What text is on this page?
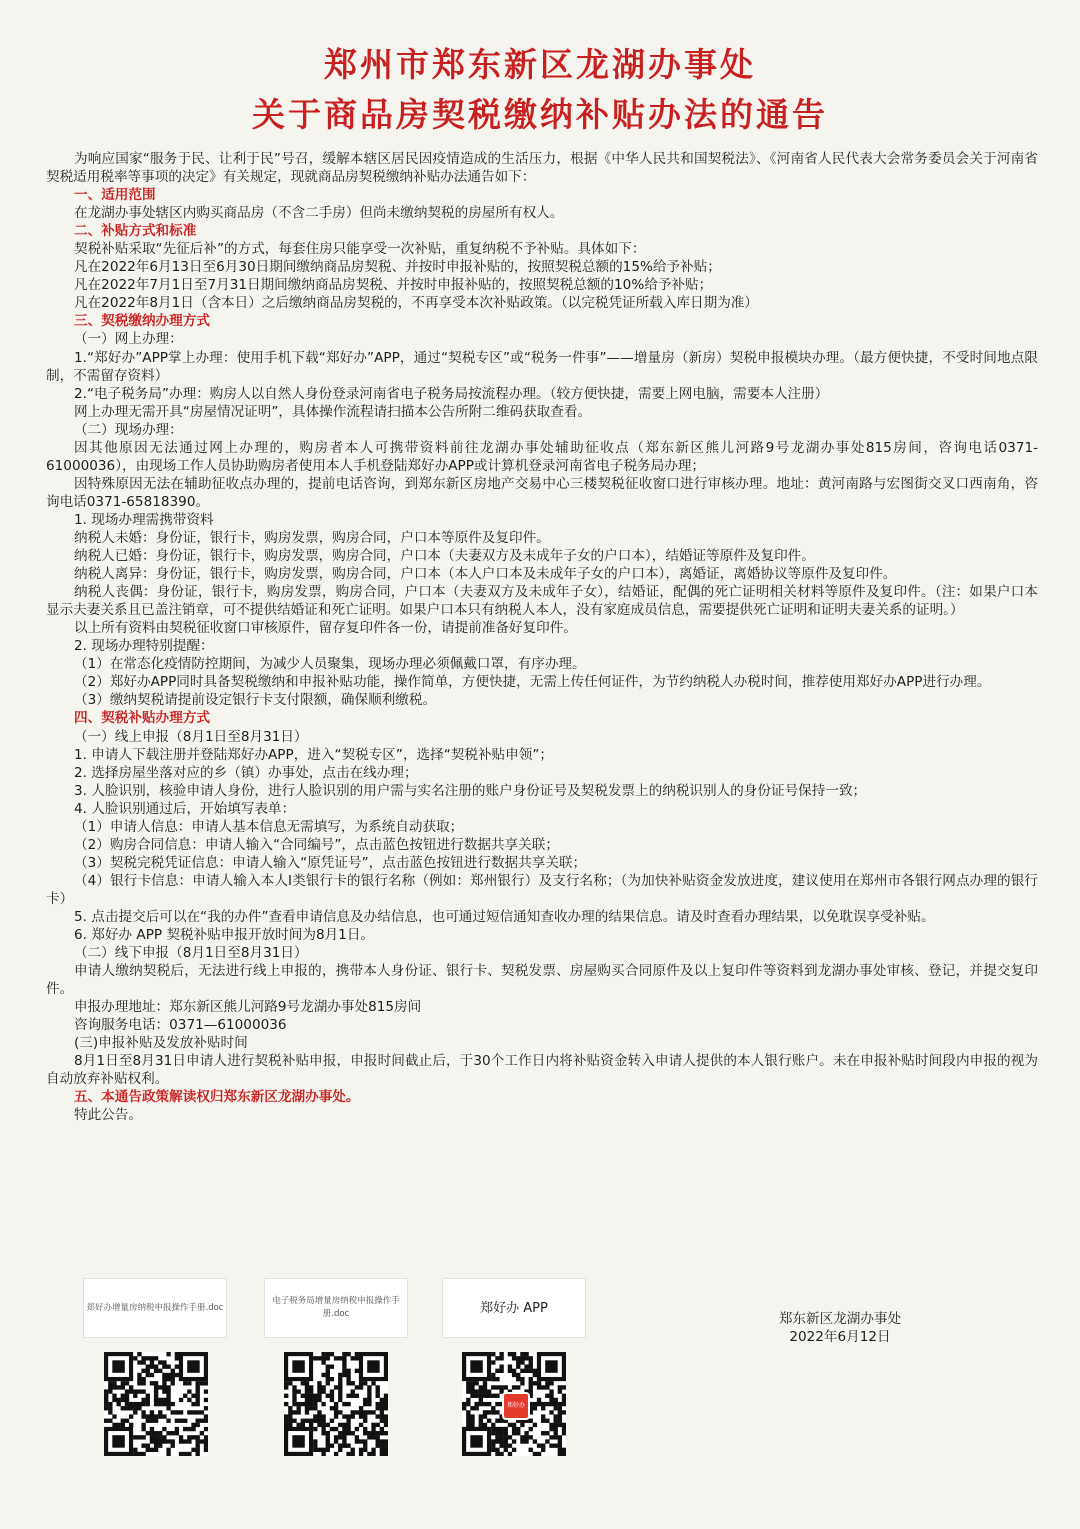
郑州市郑东新区龙湖办事处
关于商品房契税缴纳补贴办法的通告

为响应国家“服务于民、让利于民”号召，缓解本辖区居民因疫情造成的生活压力，根据《中华人民共和国契税法》、《河南省人民代表大会常务委员会关于河南省契税适用税率等事项的决定》有关规定，现就商品房契税缴纳补贴办法通告如下：

一、适用范围

在龙湖办事处辖区内购买商品房（不含二手房）但尚未缴纳契税的房屋所有权人。

二、补贴方式和标准

契税补贴采取“先征后补”的方式，每套住房只能享受一次补贴，重复纳税不予补贴。具体如下：

凡在2022年6月13日至6月30日期间缴纳商品房契税、并按时申报补贴的，按照契税总额的15%给予补贴；

凡在2022年7月1日至7月31日期间缴纳商品房契税、并按时申报补贴的，按照契税总额的10%给予补贴；

凡在2022年8月1日（含本日）之后缴纳商品房契税的，不再享受本次补贴政策。（以完税凭证所载入库日期为准）

三、契税缴纳办理方式

（一）网上办理：

1.“郑好办”APP掌上办理：使用手机下载“郑好办”APP，通过“契税专区”或“税务一件事”——增量房（新房）契税申报模块办理。（最方便快捷，不受时间地点限制，不需留存资料）

2.“电子税务局”办理：购房人以自然人身份登录河南省电子税务局按流程办理。（较方便快捷，需要上网电脑，需要本人注册）

网上办理无需开具“房屋情况证明”，具体操作流程请扫描本公告所附二维码获取查看。

（二）现场办理：

因其他原因无法通过网上办理的，购房者本人可携带资料前往龙湖办事处辅助征收点（郑东新区熊儿河路9号龙湖办事处815房间，咨询电话0371-61000036），由现场工作人员协助购房者使用本人手机登陆郑好办APP或计算机登录河南省电子税务局办理；

因特殊原因无法在辅助征收点办理的，提前电话咨询，到郑东新区房地产交易中心三楼契税征收窗口进行审核办理。地址：黄河南路与宏图街交叉口西南角，咨询电话0371-65818390。

1. 现场办理需携带资料

纳税人未婚：身份证，银行卡，购房发票，购房合同，户口本等原件及复印件。

纳税人已婚：身份证，银行卡，购房发票，购房合同，户口本（夫妻双方及未成年子女的户口本），结婚证等原件及复印件。

纳税人离异：身份证，银行卡，购房发票，购房合同，户口本（本人户口本及未成年子女的户口本），离婚证，离婚协议等原件及复印件。

纳税人丧偶：身份证，银行卡，购房发票，购房合同，户口本（夫妻双方及未成年子女），结婚证，配偶的死亡证明相关材料等原件及复印件。（注：如果户口本显示夫妻关系且已盖注销章，可不提供结婚证和死亡证明。如果户口本只有纳税人本人，没有家庭成员信息，需要提供死亡证明和证明夫妻关系的证明。）

以上所有资料由契税征收窗口审核原件，留存复印件各一份，请提前准备好复印件。

2. 现场办理特别提醒：

（1）在常态化疫情防控期间，为减少人员聚集，现场办理必须佩戴口罩，有序办理。

（2）郑好办APP同时具备契税缴纳和申报补贴功能，操作简单，方便快捷，无需上传任何证件，为节约纳税人办税时间，推荐使用郑好办APP进行办理。

（3）缴纳契税请提前设定银行卡支付限额，确保顺利缴税。

四、契税补贴办理方式

（一）线上申报（8月1日至8月31日）

1. 申请人下载注册并登陆郑好办APP，进入“契税专区”，选择“契税补贴申领”；

2. 选择房屋坐落对应的乡（镇）办事处，点击在线办理；

3. 人脸识别，核验申请人身份，进行人脸识别的用户需与实名注册的账户身份证号及契税发票上的纳税识别人的身份证号保持一致；

4. 人脸识别通过后，开始填写表单：

（1）申请人信息：申请人基本信息无需填写，为系统自动获取；

（2）购房合同信息：申请人输入“合同编号”，点击蓝色按钮进行数据共享关联；

（3）契税完税凭证信息：申请人输入“原凭证号”，点击蓝色按钮进行数据共享关联；

（4）银行卡信息：申请人输入本人I类银行卡的银行名称（例如：郑州银行）及支行名称；（为加快补贴资金发放进度，建议使用在郑州市各银行网点办理的银行卡）

5. 点击提交后可以在“我的办件”查看申请信息及办结信息，也可通过短信通知查收办理的结果信息。请及时查看办理结果，以免耽误享受补贴。

6. 郑好办 APP 契税补贴申报开放时间为8月1日。

（二）线下申报（8月1日至8月31日）

申请人缴纳契税后，无法进行线上申报的，携带本人身份证、银行卡、契税发票、房屋购买合同原件及以上复印件等资料到龙湖办事处审核、登记，并提交复印件。

申报办理地址：郑东新区熊儿河路9号龙湖办事处815房间

咨询服务电话：0371—61000036

(三)申报补贴及发放补贴时间

8月1日至8月31日申请人进行契税补贴申报，申报时间截止后，于30个工作日内将补贴资金转入申请人提供的本人银行账户。未在申报补贴时间段内申报的视为自动放弃补贴权利。

五、本通告政策解读权归郑东新区龙湖办事处。

特此公告。

郑好办增量房纳税申报操作手册.doc
电子税务局增量房纳税申报操作手册.doc	郑好办 APP
郑好办
郑东新区龙湖办事处
2022年6月12日
